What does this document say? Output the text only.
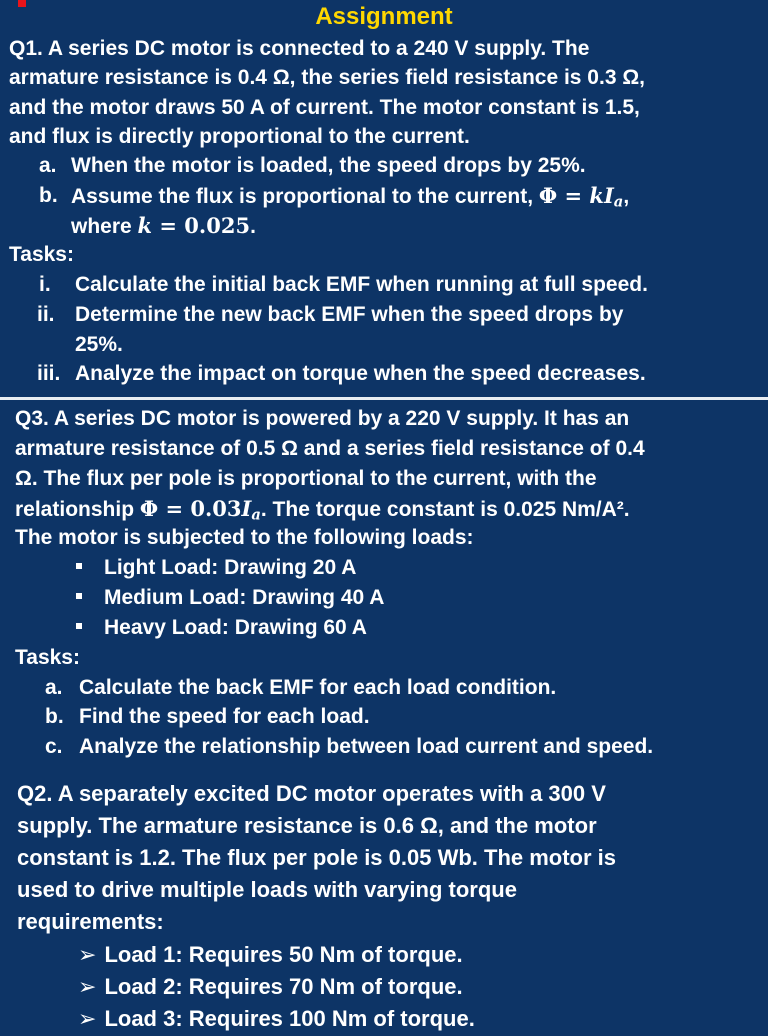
Assignment
Q1. A series DC motor is connected to a 240 V supply. The
armature resistance is 0.4 Ω, the series field resistance is 0.3 Ω,
and the motor draws 50 A of current. The motor constant is 1.5,
and flux is directly proportional to the current.
a. When the motor is loaded, the speed drops by 25%.
b. Assume the flux is proportional to the current, $\Phi = kI_a$,
where k = 0.025.
Tasks:
i. Calculate the initial back EMF when running at full speed.
ii. Determine the new back EMF when the speed drops by
25%.
iii. Analyze the impact on torque when the speed decreases.
Q3. A series DC motor is powered by a 220 V supply. It has an
armature resistance of 0.5 Ω and a series field resistance of 0.4
Ω. The flux per pole is proportional to the current, with the
relationship $\Phi = 0.03I_a$. The torque constant is 0.025 Nm/A².
The motor is subjected to the following loads:
Light Load: Drawing 20 A
Medium Load: Drawing 40 A
Heavy Load: Drawing 60 A
Tasks:
a. Calculate the back EMF for each load condition.
b. Find the speed for each load.
c. Analyze the relationship between load current and speed.
Q2. A separately excited DC motor operates with a 300 V
supply. The armature resistance is 0.6 Ω, and the motor
constant is 1.2. The flux per pole is 0.05 Wb. The motor is
used to drive multiple loads with varying torque
requirements:
➢ Load 1: Requires 50 Nm of torque.
➢ Load 2: Requires 70 Nm of torque.
➢ Load 3: Requires 100 Nm of torque.
